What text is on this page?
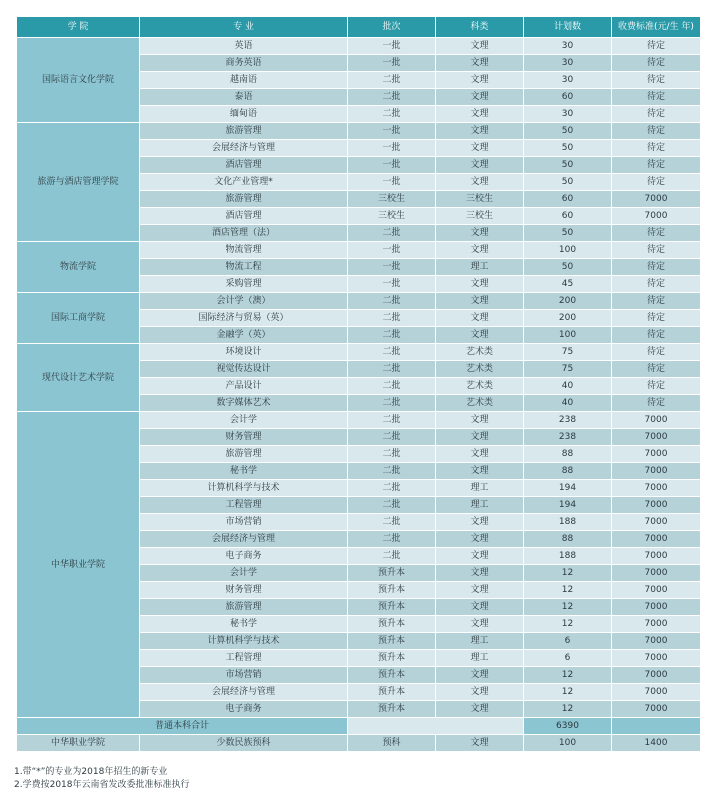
学 院	专 业	批次	科类	计划数	收费标准(元/生 年)
国际语言文化学院	英语	一批	文理	30	待定
	商务英语	一批	文理	30	待定
	越南语	二批	文理	30	待定
	泰语	二批	文理	60	待定
	缅甸语	二批	文理	30	待定
旅游与酒店管理学院	旅游管理	一批	文理	50	待定
	会展经济与管理	一批	文理	50	待定
	酒店管理	一批	文理	50	待定
	文化产业管理*	一批	文理	50	待定
	旅游管理	三校生	三校生	60	7000
	酒店管理	三校生	三校生	60	7000
	酒店管理（法）	二批	文理	50	待定
物流学院	物流管理	一批	文理	100	待定
	物流工程	一批	理工	50	待定
	采购管理	一批	文理	45	待定
国际工商学院	会计学（澳）	二批	文理	200	待定
	国际经济与贸易（英）	二批	文理	200	待定
	金融学（英）	二批	文理	100	待定
现代设计艺术学院	环境设计	二批	艺术类	75	待定
	视觉传达设计	二批	艺术类	75	待定
	产品设计	二批	艺术类	40	待定
	数字媒体艺术	二批	艺术类	40	待定
中华职业学院	会计学	二批	文理	238	7000
	财务管理	二批	文理	238	7000
	旅游管理	二批	文理	88	7000
	秘书学	二批	文理	88	7000
	计算机科学与技术	二批	理工	194	7000
	工程管理	二批	理工	194	7000
	市场营销	二批	文理	188	7000
	会展经济与管理	二批	文理	88	7000
	电子商务	二批	文理	188	7000
	会计学	预升本	文理	12	7000
	财务管理	预升本	文理	12	7000
	旅游管理	预升本	文理	12	7000
	秘书学	预升本	文理	12	7000
	计算机科学与技术	预升本	理工	6	7000
	工程管理	预升本	理工	6	7000
	市场营销	预升本	文理	12	7000
	会展经济与管理	预升本	文理	12	7000
	电子商务	预升本	文理	12	7000
普通本科合计				6390	
中华职业学院	少数民族预科	预科	文理	100	1400
1.带“*”的专业为2018年招生的新专业
2.学费按2018年云南省发改委批准标准执行
